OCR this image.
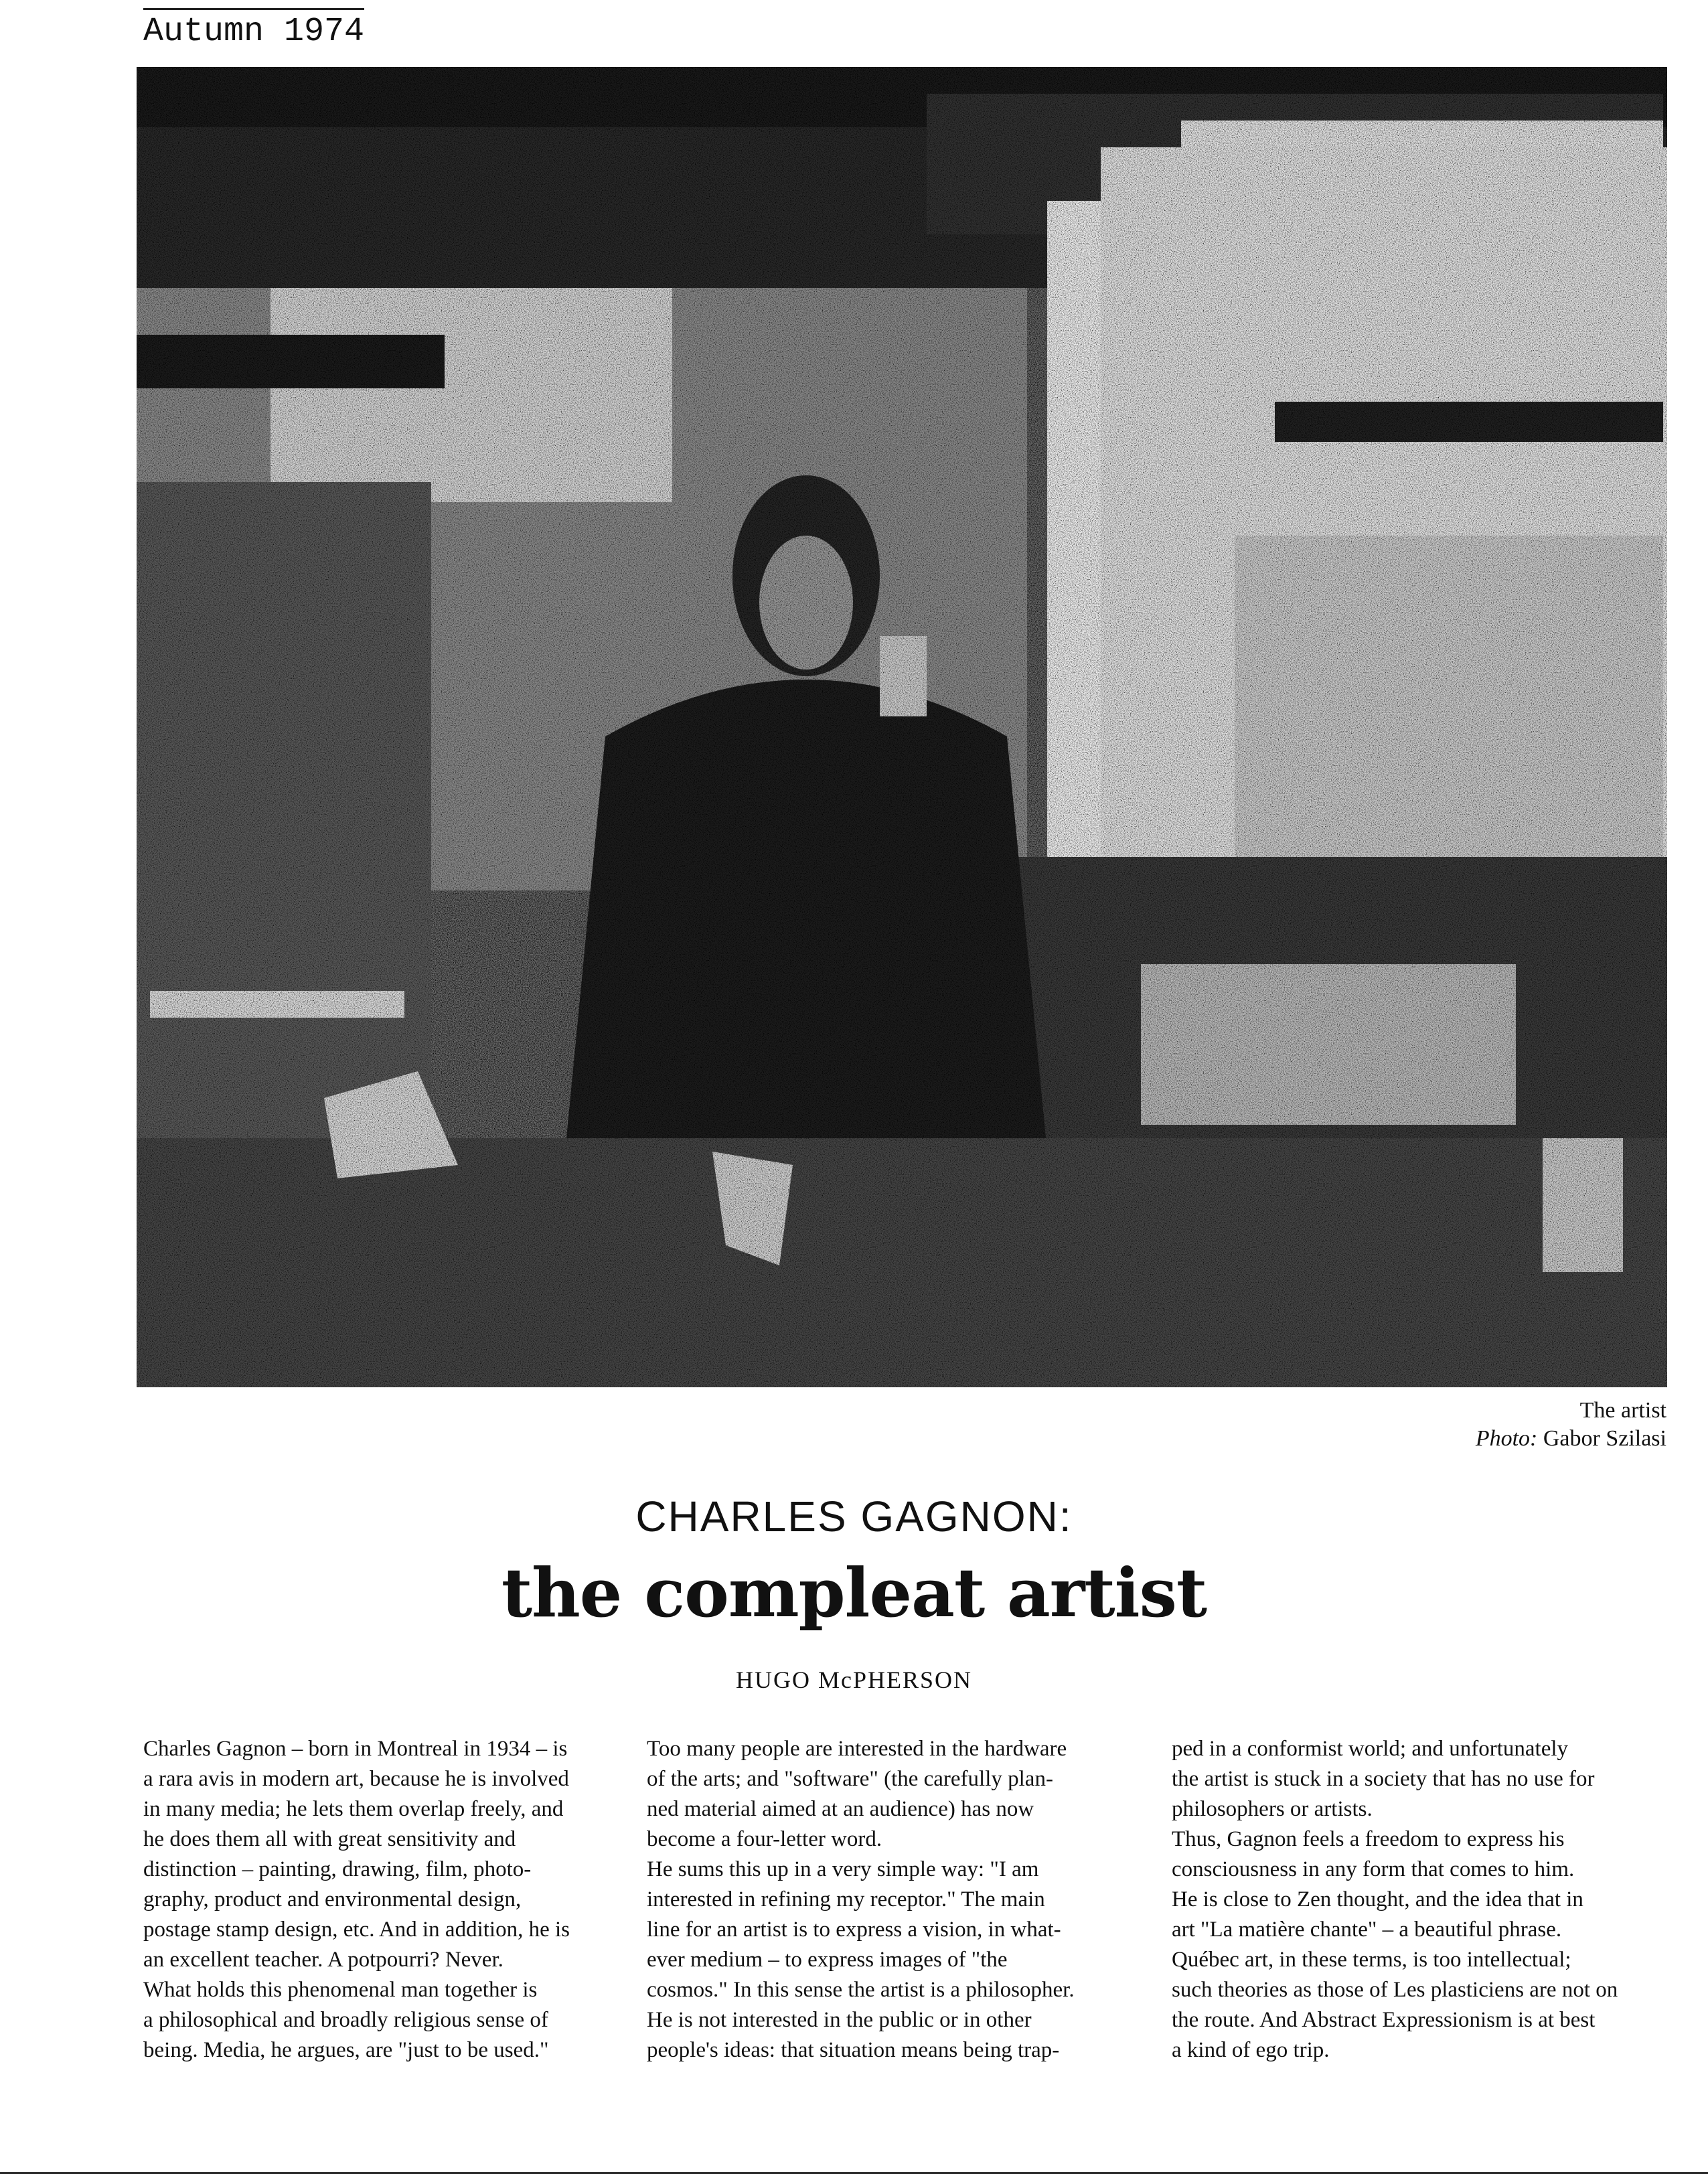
Autumn 1974
The artist
Photo: Gabor Szilasi
CHARLES GAGNON:
the compleat artist
HUGO McPHERSON
Charles Gagnon – born in Montreal in 1934 – is
a rara avis in modern art, because he is involved
in many media; he lets them overlap freely, and
he does them all with great sensitivity and
distinction – painting, drawing, film, photo-
graphy, product and environmental design,
postage stamp design, etc. And in addition, he is
an excellent teacher. A potpourri? Never.
What holds this phenomenal man together is
a philosophical and broadly religious sense of
being. Media, he argues, are "just to be used."
Too many people are interested in the hardware
of the arts; and "software" (the carefully plan-
ned material aimed at an audience) has now
become a four-letter word.
He sums this up in a very simple way: "I am
interested in refining my receptor." The main
line for an artist is to express a vision, in what-
ever medium – to express images of "the
cosmos." In this sense the artist is a philosopher.
He is not interested in the public or in other
people's ideas: that situation means being trap-
ped in a conformist world; and unfortunately
the artist is stuck in a society that has no use for
philosophers or artists.
Thus, Gagnon feels a freedom to express his
consciousness in any form that comes to him.
He is close to Zen thought, and the idea that in
art "La matière chante" – a beautiful phrase.
Québec art, in these terms, is too intellectual;
such theories as those of Les plasticiens are not on
the route. And Abstract Expressionism is at best
a kind of ego trip.
